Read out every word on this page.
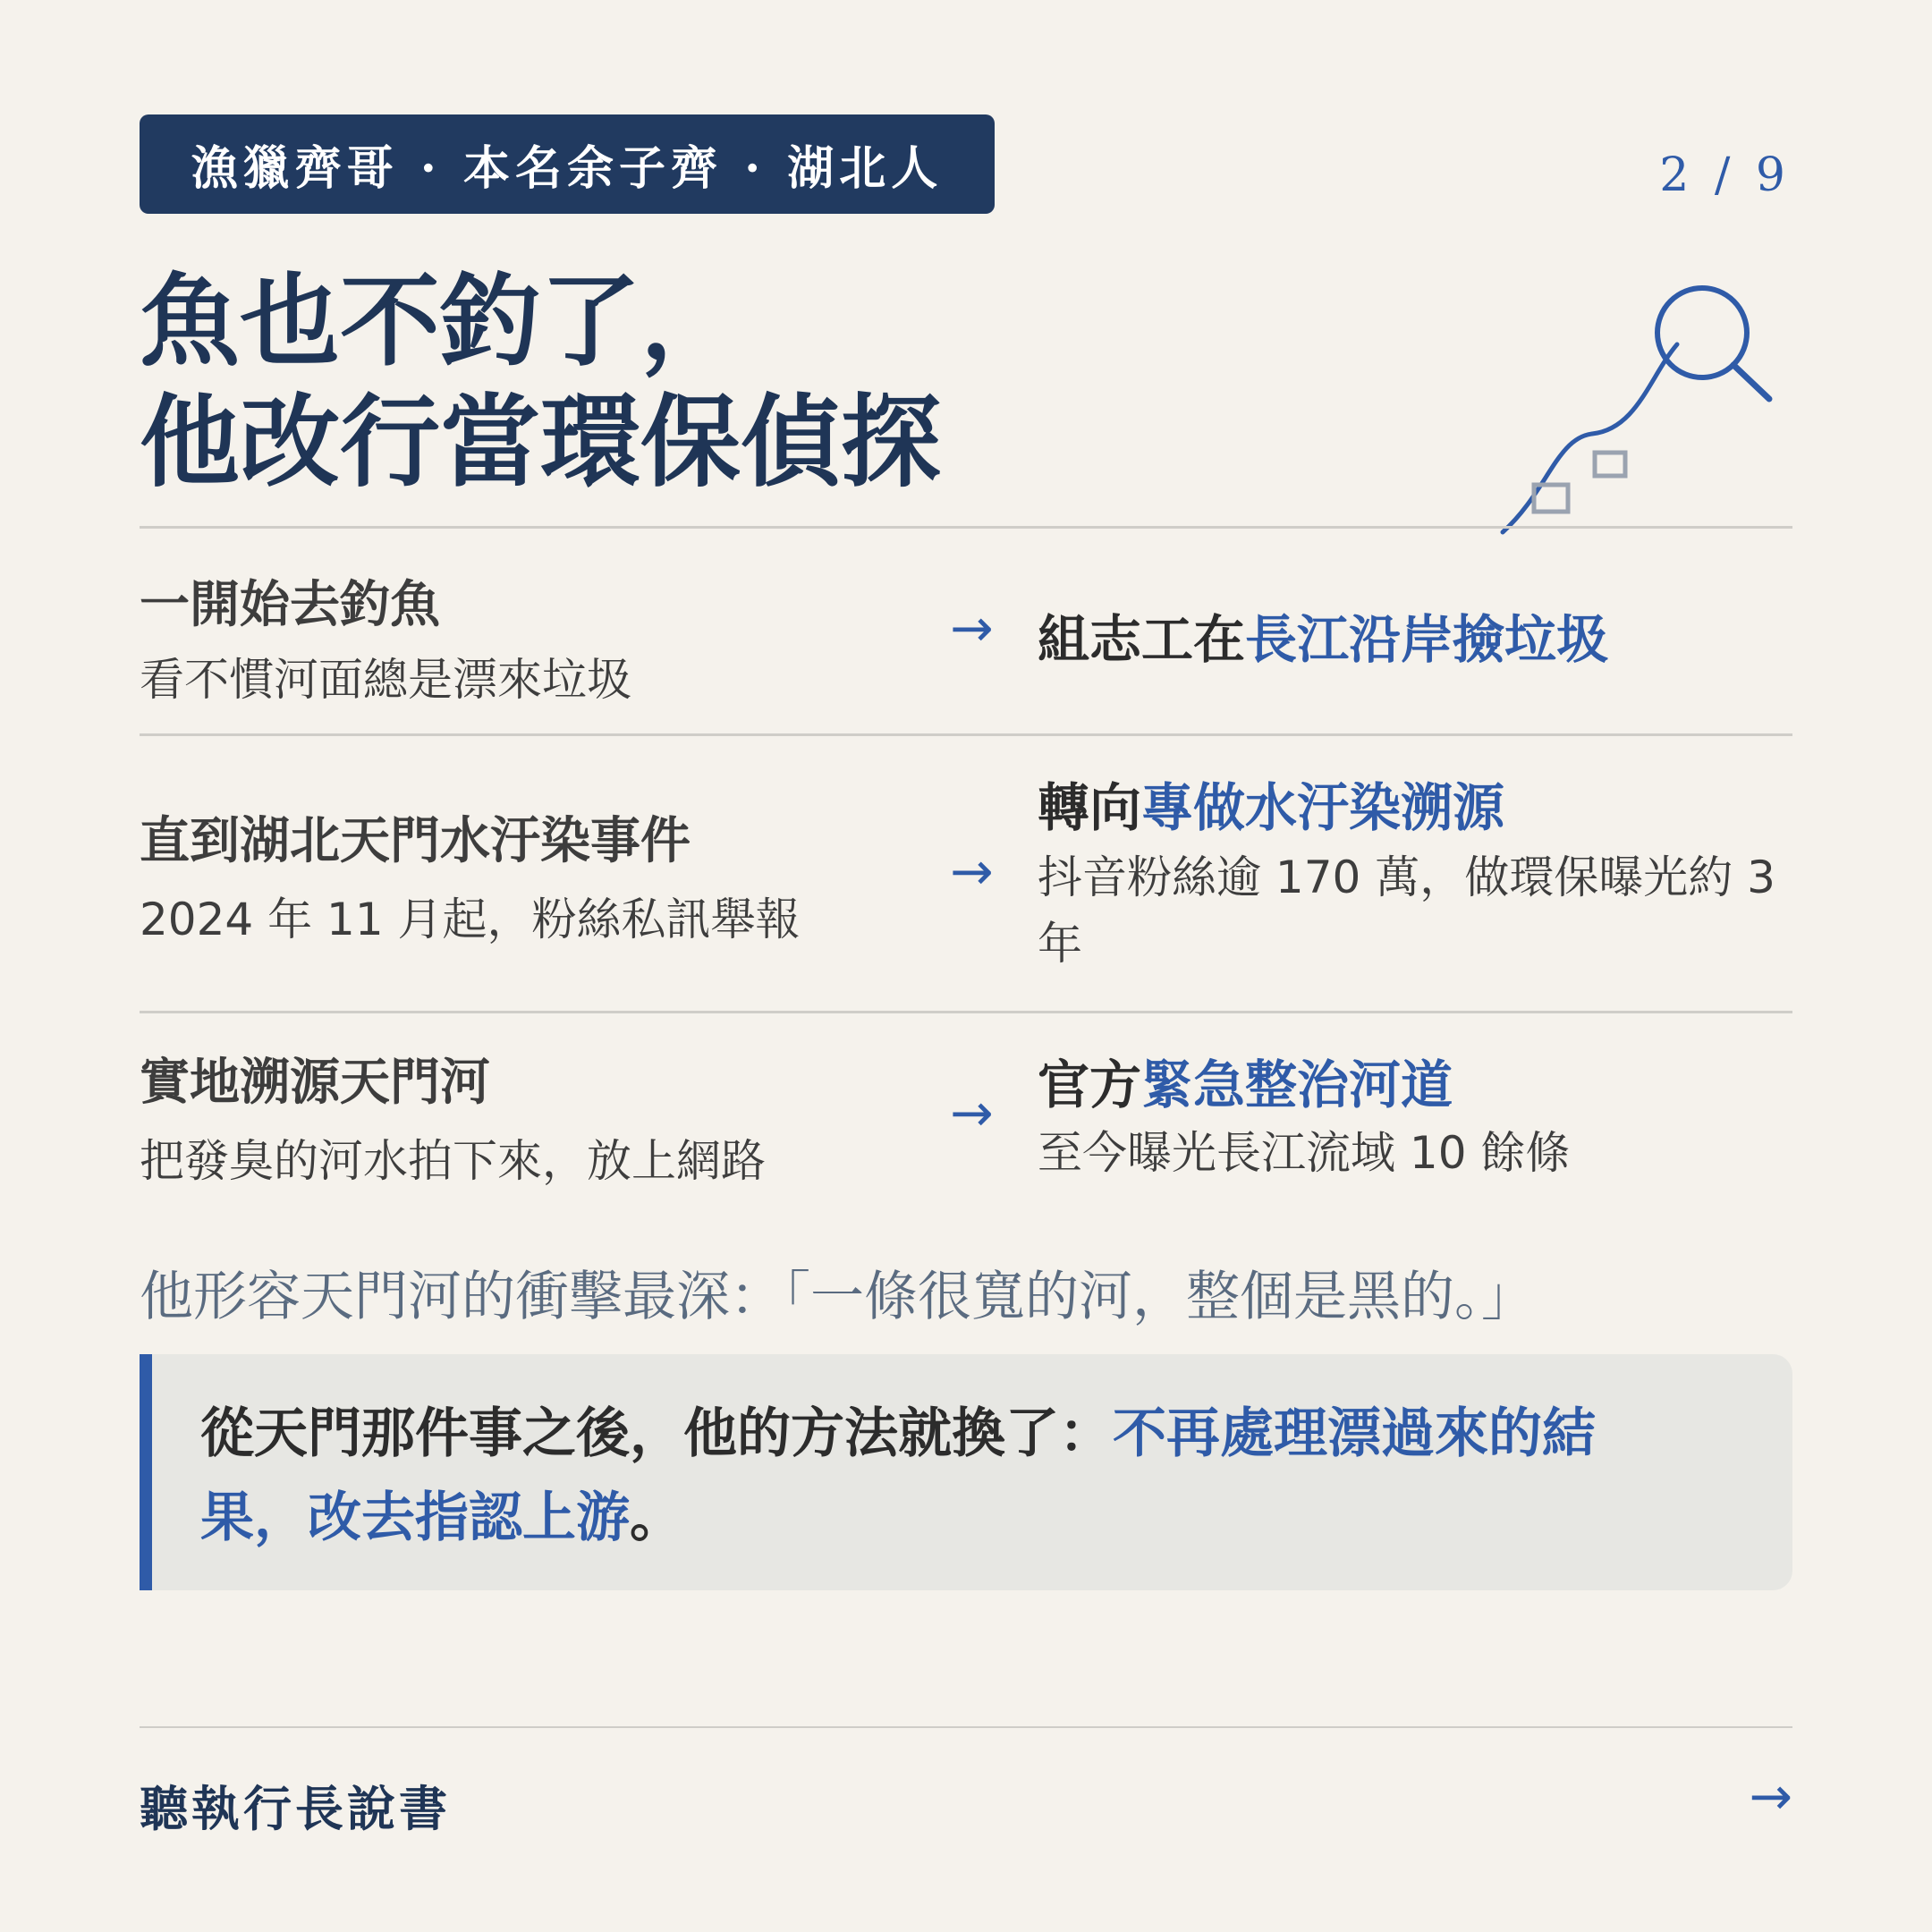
漁獵齊哥 · 本名余子齊 · 湖北人	2 / 9
魚也不釣了，
他改行當環保偵探
一開始去釣魚
看不慣河面總是漂來垃圾
→ 組志工在長江沿岸撿垃圾
直到湖北天門水汙染事件
2024 年 11 月起，粉絲私訊舉報
→
轉向專做水汙染溯源
抖音粉絲逾 170 萬，做環保曝光約 3 年
實地溯源天門河
把發臭的河水拍下來，放上網路
→ 官方緊急整治河道
至今曝光長江流域 10 餘條
他形容天門河的衝擊最深：「一條很寬的河，整個是黑的。」
從天門那件事之後，他的方法就換了：不再處理漂過來的結果，改去指認上游。
聽執行長說書	→
